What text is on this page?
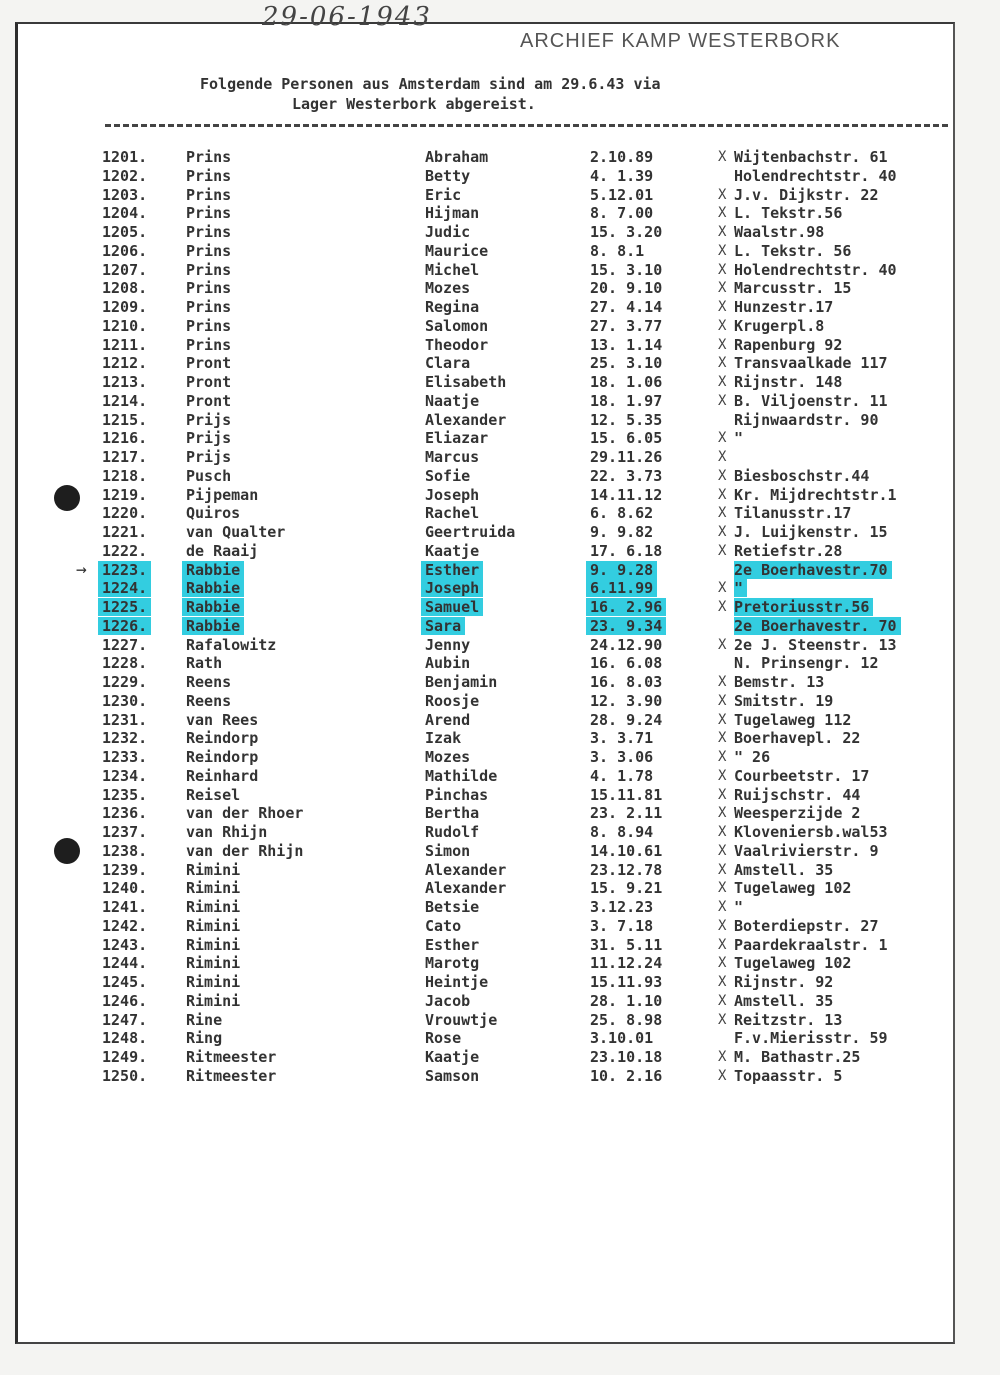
29-06-1943
ARCHIEF KAMP WESTERBORK
Folgende Personen aus Amsterdam sind am 29.6.43 via
Lager Westerbork abgereist.
1201.	Prins	Abraham	2.10.89	X Wijtenbachstr. 61
1202.	Prins	Betty	4. 1.39	Holendrechtstr. 40
1203.	Prins	Eric	5.12.01	X J.v. Dijkstr. 22
1204.	Prins	Hijman	8. 7.00	X L. Tekstr.56
1205.	Prins	Judic	15. 3.20	X Waalstr.98
1206.	Prins	Maurice	8. 8.1	X L. Tekstr. 56
1207.	Prins	Michel	15. 3.10	X Holendrechtstr. 40
1208.	Prins	Mozes	20. 9.10	X Marcusstr. 15
1209.	Prins	Regina	27. 4.14	X Hunzestr.17
1210.	Prins	Salomon	27. 3.77	X Krugerpl.8
1211.	Prins	Theodor	13. 1.14	X Rapenburg 92
1212.	Pront	Clara	25. 3.10	X Transvaalkade 117
1213.	Pront	Elisabeth	18. 1.06	X Rijnstr. 148
1214.	Pront	Naatje	18. 1.97	X B. Viljoenstr. 11
1215.	Prijs	Alexander	12. 5.35	Rijnwaardstr. 90
1216.	Prijs	Eliazar	15. 6.05	X "
1217.	Prijs	Marcus	29.11.26	X
1218.	Pusch	Sofie	22. 3.73	X Biesboschstr.44
1219.	Pijpeman	Joseph	14.11.12	X Kr. Mijdrechtstr.1
1220.	Quiros	Rachel	6. 8.62	X Tilanusstr.17
1221.	van Qualter	Geertruida	9. 9.82	X J. Luijkenstr. 15
1222.	de Raaij	Kaatje	17. 6.18	X Retiefstr.28
1223.	Rabbie	Esther	9. 9.28	2e Boerhavestr.70
→
1224.	Rabbie	Joseph	6.11.99	X "
1225.	Rabbie	Samuel	16. 2.96	X Pretoriusstr.56
1226.	Rabbie	Sara	23. 9.34	2e Boerhavestr. 70
1227.	Rafalowitz	Jenny	24.12.90	X 2e J. Steenstr. 13
1228.	Rath	Aubin	16. 6.08	N. Prinsengr. 12
1229.	Reens	Benjamin	16. 8.03	X Bemstr. 13
1230.	Reens	Roosje	12. 3.90	X Smitstr. 19
1231.	van Rees	Arend	28. 9.24	X Tugelaweg 112
1232.	Reindorp	Izak	3. 3.71	X Boerhavepl. 22
1233.	Reindorp	Mozes	3. 3.06	X " 26
1234.	Reinhard	Mathilde	4. 1.78	X Courbeetstr. 17
1235.	Reisel	Pinchas	15.11.81	X Ruijschstr. 44
1236.	van der Rhoer	Bertha	23. 2.11	X Weesperzijde 2
1237.	van Rhijn	Rudolf	8. 8.94	X Kloveniersb.wal53
1238.	van der Rhijn	Simon	14.10.61	X Vaalrivierstr. 9
1239.	Rimini	Alexander	23.12.78	X Amstell. 35
1240.	Rimini	Alexander	15. 9.21	X Tugelaweg 102
1241.	Rimini	Betsie	3.12.23	X "
1242.	Rimini	Cato	3. 7.18	X Boterdiepstr. 27
1243.	Rimini	Esther	31. 5.11	X Paardekraalstr. 1
1244.	Rimini	Marotg	11.12.24	X Tugelaweg 102
1245.	Rimini	Heintje	15.11.93	X Rijnstr. 92
1246.	Rimini	Jacob	28. 1.10	X Amstell. 35
1247.	Rine	Vrouwtje	25. 8.98	X Reitzstr. 13
1248.	Ring	Rose	3.10.01	F.v.Mierisstr. 59
1249.	Ritmeester	Kaatje	23.10.18	X M. Bathastr.25
1250.	Ritmeester	Samson	10. 2.16	X Topaasstr. 5
